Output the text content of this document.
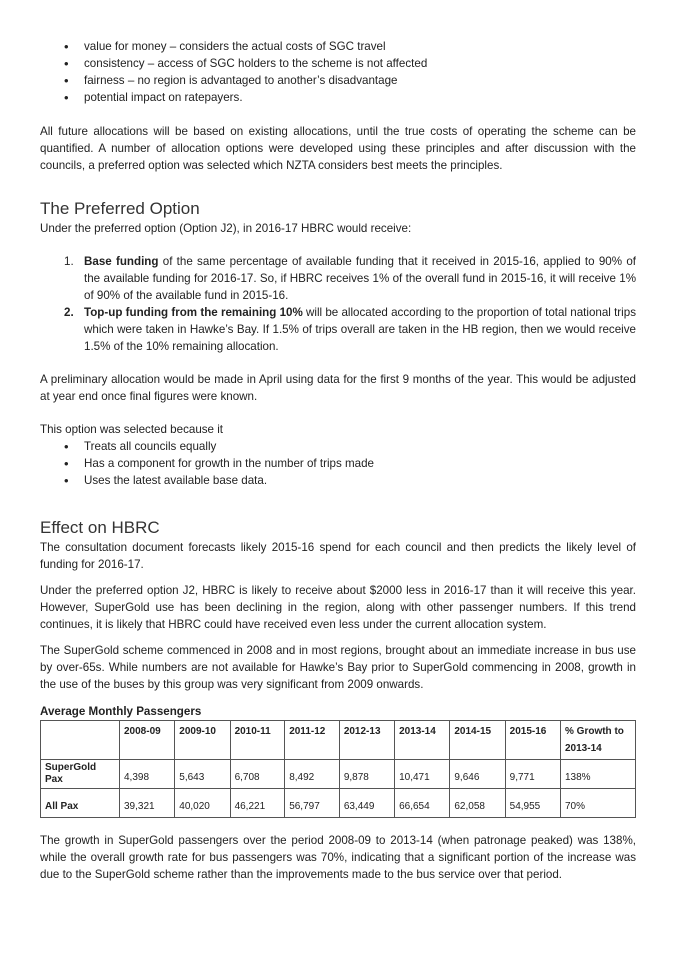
• value for money – considers the actual costs of SGC travel
• consistency – access of SGC holders to the scheme is not affected
• fairness – no region is advantaged to another’s disadvantage
• potential impact on ratepayers.

All future allocations will be based on existing allocations, until the true costs of operating the scheme can be quantified. A number of allocation options were developed using these principles and after discussion with the councils, a preferred option was selected which NZTA considers best meets the principles.

The Preferred Option

Under the preferred option (Option J2), in 2016-17 HBRC would receive:

1. Base funding of the same percentage of available funding that it received in 2015-16, applied to 90% of the available funding for 2016-17. So, if HBRC receives 1% of the overall fund in 2015-16, it will receive 1% of 90% of the available fund in 2015-16.
2. Top-up funding from the remaining 10% will be allocated according to the proportion of total national trips which were taken in Hawke’s Bay. If 1.5% of trips overall are taken in the HB region, then we would receive 1.5% of the 10% remaining allocation.

A preliminary allocation would be made in April using data for the first 9 months of the year. This would be adjusted at year end once final figures were known.

This option was selected because it

• Treats all councils equally
• Has a component for growth in the number of trips made
• Uses the latest available base data.
Effect on HBRC

The consultation document forecasts likely 2015-16 spend for each council and then predicts the likely level of funding for 2016-17.

Under the preferred option J2, HBRC is likely to receive about $2000 less in 2016-17 than it will receive this year. However, SuperGold use has been declining in the region, along with other passenger numbers. If this trend continues, it is likely that HBRC could have received even less under the current allocation system.

The SuperGold scheme commenced in 2008 and in most regions, brought about an immediate increase in bus use by over-65s. While numbers are not available for Hawke’s Bay prior to SuperGold commencing in 2008, growth in the use of the buses by this group was very significant from 2009 onwards.

Average Monthly Passengers
	2008-09	2009-10	2010-11	2011-12	2012-13	2013-14	2014-15	2015-16	% Growth to 2013-14
SuperGold Pax	4,398	5,643	6,708	8,492	9,878	10,471	9,646	9,771	138%
All Pax	39,321	40,020	46,221	56,797	63,449	66,654	62,058	54,955	70%

The growth in SuperGold passengers over the period 2008-09 to 2013-14 (when patronage peaked) was 138%, while the overall growth rate for bus passengers was 70%, indicating that a significant portion of the increase was due to the SuperGold scheme rather than the improvements made to the bus service over that period.
